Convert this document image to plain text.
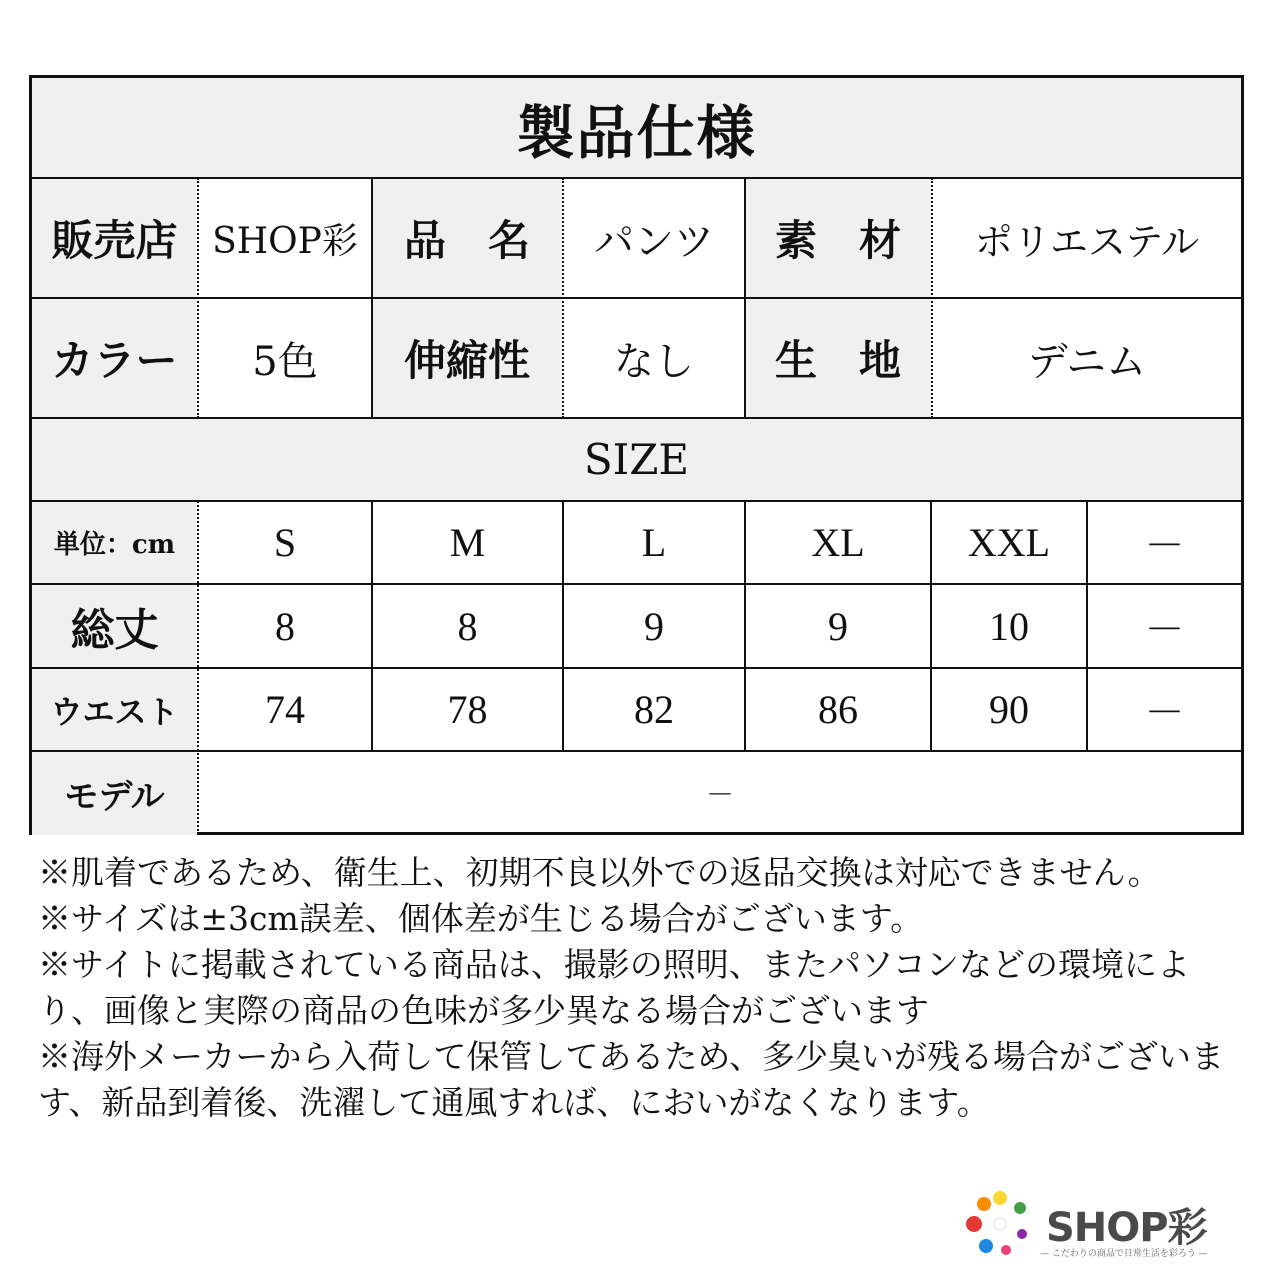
製品仕様
販売店 SHOP彩	品　名	パンツ	素　材	ポリエステル
カラー	5色	伸縮性	なし	生　地	デニム
SIZE
単位：cm	S	M	L	XL	XXL	－
総丈	8	8	9	9	10	－
ウエスト	74	78	82	86	90	－
モデル	－

※肌着であるため、衛生上、初期不良以外での返品交換は対応できません。

※サイズは±3cm誤差、個体差が生じる場合がございます。

※サイトに掲載されている商品は、撮影の照明、またパソコンなどの環境により、画像と実際の商品の色味が多少異なる場合がございます

※海外メーカーから入荷して保管してあるため、多少臭いが残る場合がございます、新品到着後、洗濯して通風すれば、においがなくなります。

SHOP彩
— こだわりの商品で日常生活を彩ろう —
